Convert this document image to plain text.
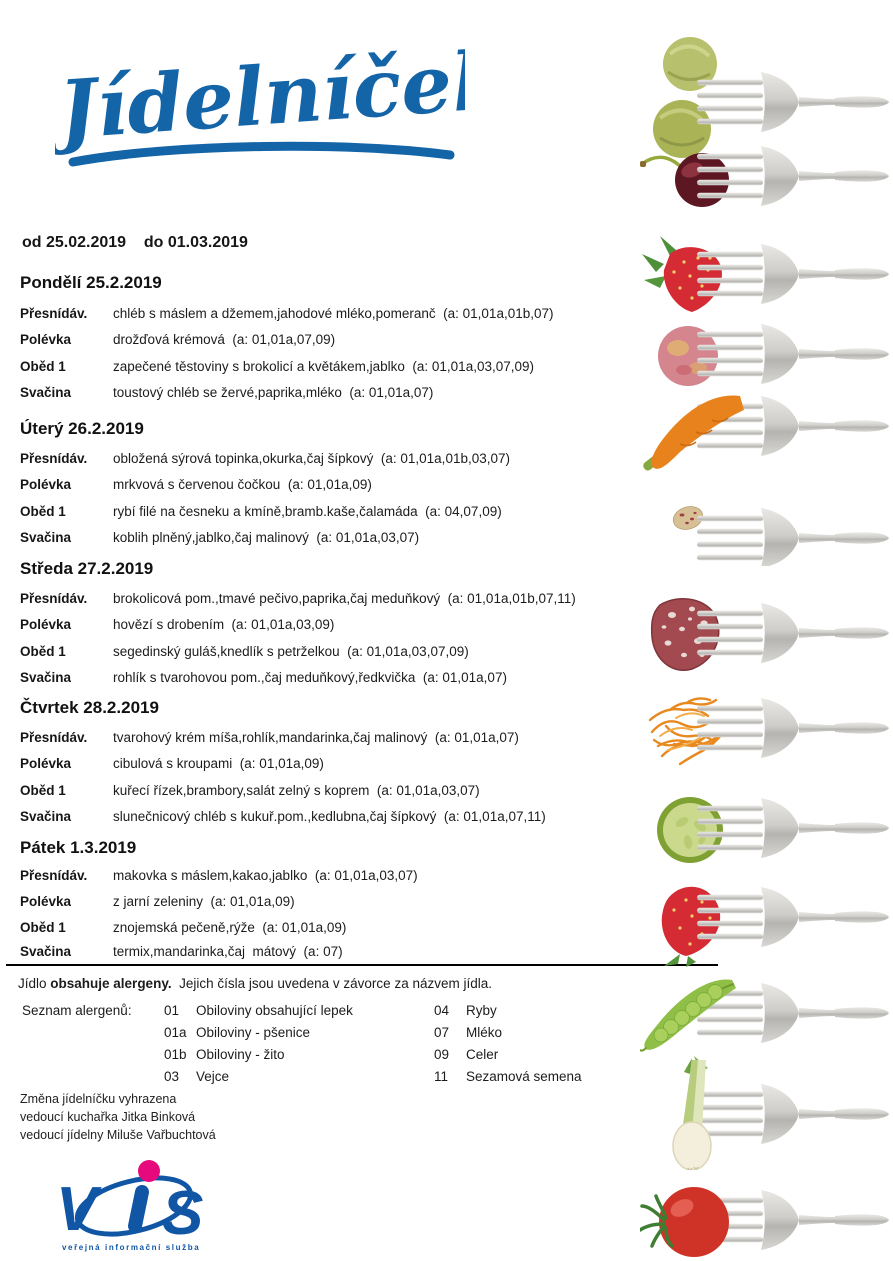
Jídelníček
od 25.02.2019    do 01.03.2019
Pondělí 25.2.2019
Úterý 26.2.2019
Středa 27.2.2019
Čtvrtek 28.2.2019
Pátek 1.3.2019
Přesnídáv. chléb s máslem a džemem,jahodové mléko,pomeranč  (a: 01,01a,01b,07)
Polévka	drožďová krémová  (a: 01,01a,07,09)
Oběd 1	zapečené těstoviny s brokolicí a květákem,jablko  (a: 01,01a,03,07,09)
Svačina	toustový chléb se žervé,paprika,mléko  (a: 01,01a,07)
Přesnídáv. obložená sýrová topinka,okurka,čaj šípkový  (a: 01,01a,01b,03,07)
Polévka	mrkvová s červenou čočkou  (a: 01,01a,09)
Oběd 1	rybí filé na česneku a kmíně,bramb.kaše,čalamáda  (a: 04,07,09)
Svačina	koblih plněný,jablko,čaj malinový  (a: 01,01a,03,07)
Přesnídáv. brokolicová pom.,tmavé pečivo,paprika,čaj meduňkový  (a: 01,01a,01b,07,11)
Polévka	hovězí s drobením  (a: 01,01a,03,09)
Oběd 1	segedinský guláš,knedlík s petrželkou  (a: 01,01a,03,07,09)
Svačina	rohlík s tvarohovou pom.,čaj meduňkový,ředkvička  (a: 01,01a,07)
Přesnídáv. tvarohový krém míša,rohlík,mandarinka,čaj malinový  (a: 01,01a,07)
Polévka	cibulová s kroupami  (a: 01,01a,09)
Oběd 1	kuřecí řízek,brambory,salát zelný s koprem  (a: 01,01a,03,07)
Svačina	slunečnicový chléb s kukuř.pom.,kedlubna,čaj šípkový  (a: 01,01a,07,11)
Přesnídáv. makovka s máslem,kakao,jablko  (a: 01,01a,03,07)
Polévka	z jarní zeleniny  (a: 01,01a,09)
Oběd 1	znojemská pečeně,rýže  (a: 01,01a,09)
Svačina	termix,mandarinka,čaj  mátový  (a: 07)
Jídlo obsahuje alergeny.  Jejich čísla jsou uvedena v závorce za názvem jídla.
Seznam alergenů: 01 Obiloviny obsahující lepek	04 Ryby
01a Obiloviny - pšenice	07 Mléko
01b Obiloviny - žito	09 Celer
03 Vejce	11 Sezamová semena
Změna jídelníčku vyhrazena
vedoucí kuchařka Jitka Binková
vedoucí jídelny Miluše Vařbuchtová
V S
veřejná informační služba
